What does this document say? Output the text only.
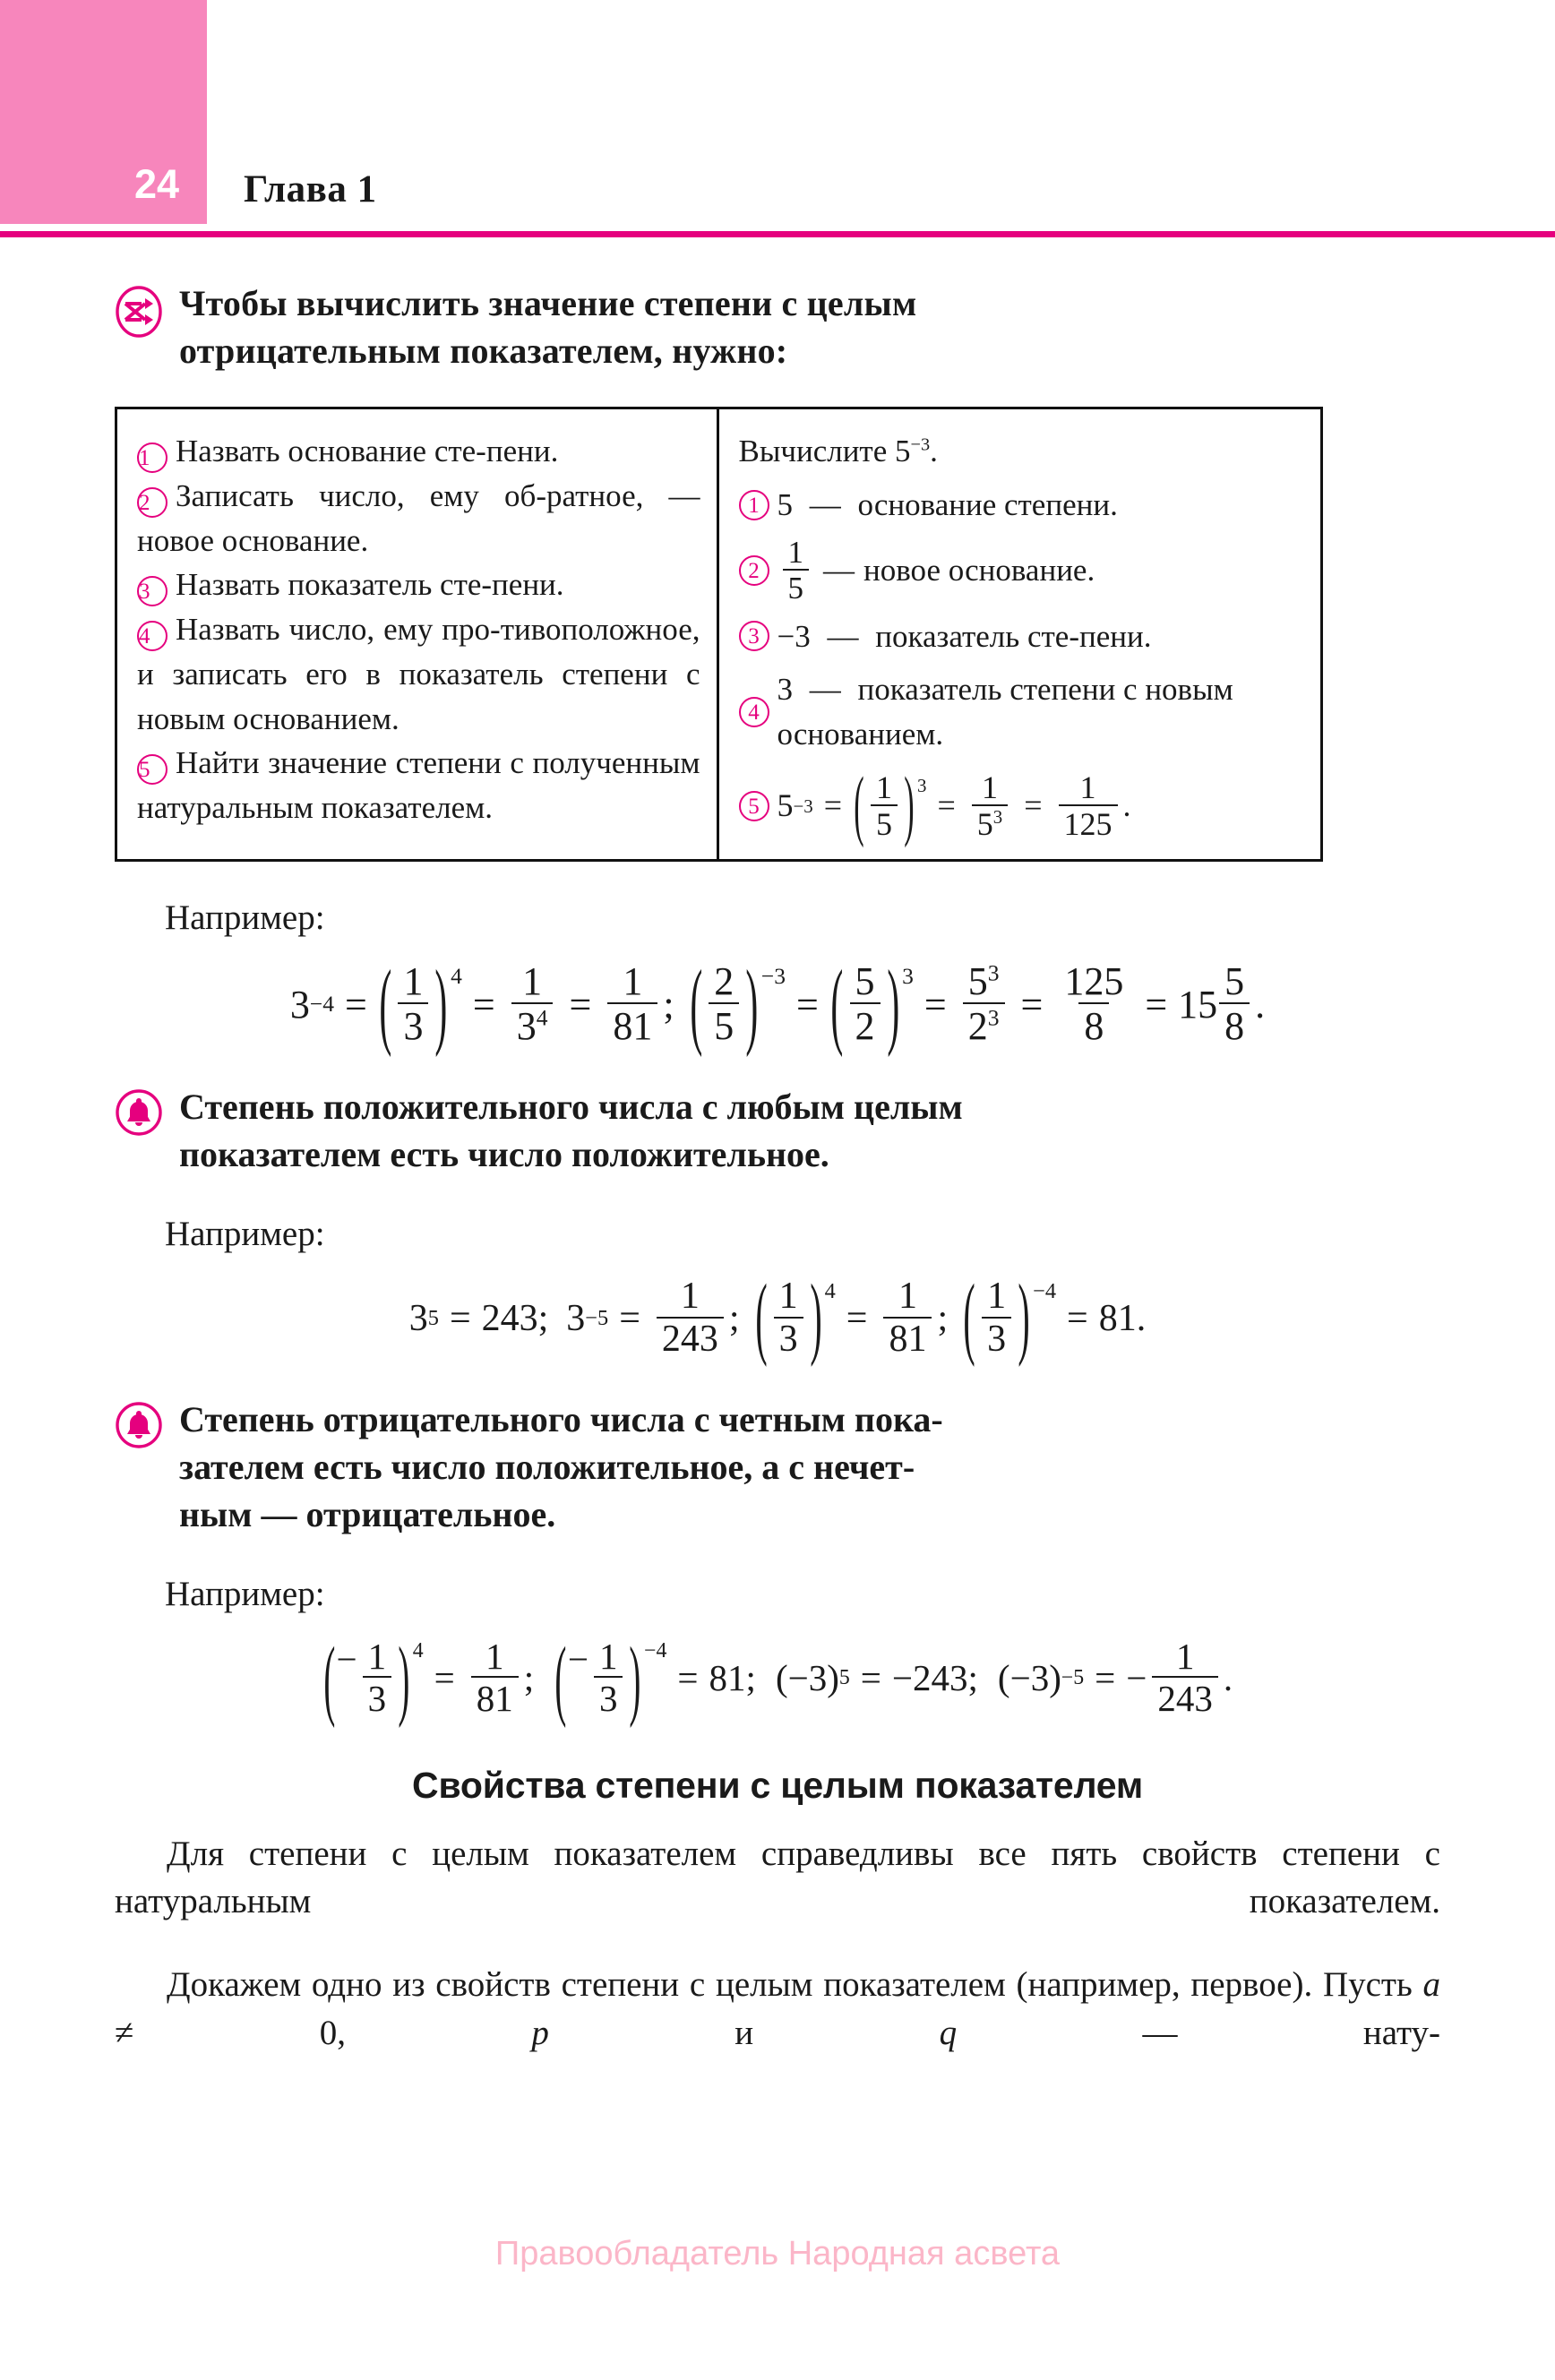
24	Глава 1
Чтобы вычислить значение степени с целым
отрицательным показателем, нужно:

1 Назвать основание сте-пени.

2 Записать число, ему об-ратное, — новое основание.

3 Назвать показатель сте-пени.

4 Назвать число, ему про-тивоположное, и записать его в показатель степени с новым основанием.

5 Найти значение степени с полученным натуральным показателем.

Вычислите $5^{-3}$.

1 5 — основание степени.
$2 \frac{1}{5}$ — новое основание.
3 −3 — показатель сте-пени.
4
3 — показатель степени с новым основанием.
5 5 −3 = ( $\frac{1}{5}$ ) 3
= $\frac{1}{5^3} = \frac{1}{125}$ .
Например:
3 −4 = ( $\frac{1}{3}$ ) 4
= $\frac{1}{3^4} = \frac{1}{81}$ ; ( $\frac{2}{5}$ ) −3
= ( $\frac{5}{2}$ ) 3
= $\frac{5^3}{2^3} = \frac{125}{8} = 15 \frac{5}{8}$ .
Степень положительного числа с любым целым
показателем есть число положительное.
Например:
3 5 = 243; $3 -5 = \frac{1}{243}$ ; ( $\frac{1}{3}$ ) 4
= $\frac{1}{81}$ ; ( $\frac{1}{3}$ ) −4
= 81 .
Степень отрицательного числа с четным пока-
зателем есть число положительное, а с нечет-
ным — отрицательное.
Например:
( − $\frac{1}{3}$ ) 4
= $\frac{1}{81}$ ; ( − $\frac{1}{3}$ ) −4
= 81; (−3) 5 = −243; (−3) −5 = − $\frac{1}{243}$ .
Свойства степени с целым показателем

Для степени с целым показателем справедливы все пять свойств степени с натуральным показателем.

Докажем одно из свойств степени с целым показателем (например, первое). Пусть a ≠ 0, p и q — нату-

Правообладатель Народная асвета
